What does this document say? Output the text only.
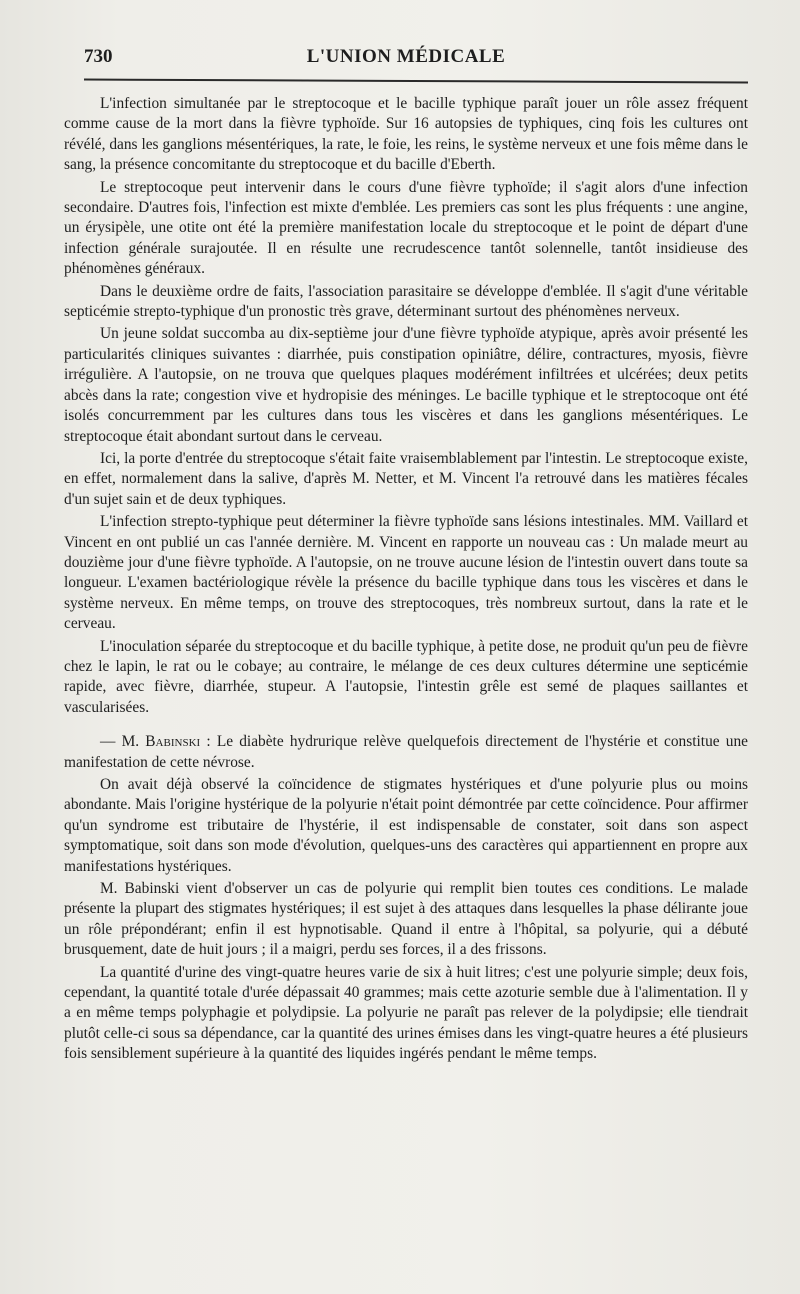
730	L'UNION MÉDICALE

L'infection simultanée par le streptocoque et le bacille typhique paraît jouer un rôle assez fréquent comme cause de la mort dans la fièvre typhoïde. Sur 16 autopsies de typhiques, cinq fois les cultures ont révélé, dans les ganglions mésentériques, la rate, le foie, les reins, le système nerveux et une fois même dans le sang, la présence concomitante du streptocoque et du bacille d'Eberth.

Le streptocoque peut intervenir dans le cours d'une fièvre typhoïde; il s'agit alors d'une infection secondaire. D'autres fois, l'infection est mixte d'emblée. Les premiers cas sont les plus fréquents : une angine, un érysipèle, une otite ont été la première manifestation locale du streptocoque et le point de départ d'une infection générale surajoutée. Il en résulte une recrudescence tantôt solennelle, tantôt insidieuse des phénomènes généraux.

Dans le deuxième ordre de faits, l'association parasitaire se développe d'emblée. Il s'agit d'une véritable septicémie strepto-typhique d'un pronostic très grave, déterminant surtout des phénomènes nerveux.

Un jeune soldat succomba au dix-septième jour d'une fièvre typhoïde atypique, après avoir présenté les particularités cliniques suivantes : diarrhée, puis constipation opiniâtre, délire, contractures, myosis, fièvre irrégulière. A l'autopsie, on ne trouva que quelques plaques modérément infiltrées et ulcérées; deux petits abcès dans la rate; congestion vive et hydropisie des méninges. Le bacille typhique et le streptocoque ont été isolés concurremment par les cultures dans tous les viscères et dans les ganglions mésentériques. Le streptocoque était abondant surtout dans le cerveau.

Ici, la porte d'entrée du streptocoque s'était faite vraisemblablement par l'intestin. Le streptocoque existe, en effet, normalement dans la salive, d'après M. Netter, et M. Vincent l'a retrouvé dans les matières fécales d'un sujet sain et de deux typhiques.

L'infection strepto-typhique peut déterminer la fièvre typhoïde sans lésions intestinales. MM. Vaillard et Vincent en ont publié un cas l'année dernière. M. Vincent en rapporte un nouveau cas : Un malade meurt au douzième jour d'une fièvre typhoïde. A l'autopsie, on ne trouve aucune lésion de l'intestin ouvert dans toute sa longueur. L'examen bactériologique révèle la présence du bacille typhique dans tous les viscères et dans le système nerveux. En même temps, on trouve des streptocoques, très nombreux surtout, dans la rate et le cerveau.

L'inoculation séparée du streptocoque et du bacille typhique, à petite dose, ne produit qu'un peu de fièvre chez le lapin, le rat ou le cobaye; au contraire, le mélange de ces deux cultures détermine une septicémie rapide, avec fièvre, diarrhée, stupeur. A l'autopsie, l'intestin grêle est semé de plaques saillantes et vascularisées.

— M. Babinski : Le diabète hydrurique relève quelquefois directement de l'hystérie et constitue une manifestation de cette névrose.

On avait déjà observé la coïncidence de stigmates hystériques et d'une polyurie plus ou moins abondante. Mais l'origine hystérique de la polyurie n'était point démontrée par cette coïncidence. Pour affirmer qu'un syndrome est tributaire de l'hystérie, il est indispensable de constater, soit dans son aspect symptomatique, soit dans son mode d'évolution, quelques-uns des caractères qui appartiennent en propre aux manifestations hystériques.

M. Babinski vient d'observer un cas de polyurie qui remplit bien toutes ces conditions. Le malade présente la plupart des stigmates hystériques; il est sujet à des attaques dans lesquelles la phase délirante joue un rôle prépondérant; enfin il est hypnotisable. Quand il entre à l'hôpital, sa polyurie, qui a débuté brusquement, date de huit jours ; il a maigri, perdu ses forces, il a des frissons.

La quantité d'urine des vingt-quatre heures varie de six à huit litres; c'est une polyurie simple; deux fois, cependant, la quantité totale d'urée dépassait 40 grammes; mais cette azoturie semble due à l'alimentation. Il y a en même temps polyphagie et polydipsie. La polyurie ne paraît pas relever de la polydipsie; elle tiendrait plutôt celle-ci sous sa dépendance, car la quantité des urines émises dans les vingt-quatre heures a été plusieurs fois sensiblement supérieure à la quantité des liquides ingérés pendant le même temps.
